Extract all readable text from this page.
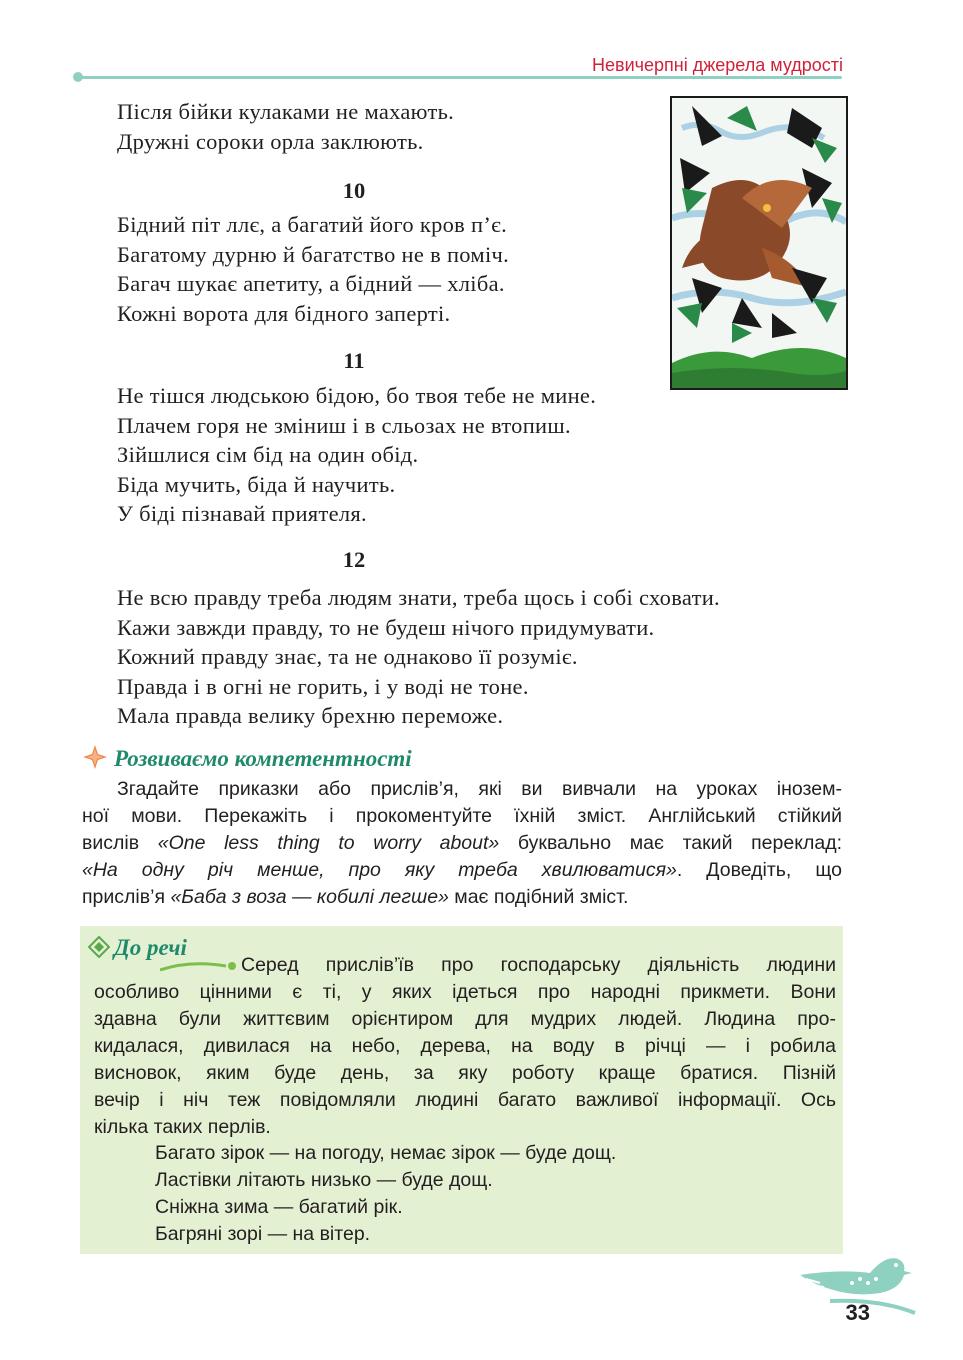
Невичерпні джерела мудрості
Після бійки кулаками не махають.
Дружні сороки орла заклюють.
10
Бідний піт ллє, а багатий його кров п’є.
Багатому дурню й багатство не в поміч.
Багач шукає апетиту, а бідний — хліба.
Кожні ворота для бідного заперті.
11
Не тішся людською бідою, бо твоя тебе не мине.
Плачем горя не зміниш і в сльозах не втопиш.
Зійшлися сім бід на один обід.
Біда мучить, біда й научить.
У біді пізнавай приятеля.
12
Не всю правду треба людям знати, треба щось і собі сховати.
Кажи завжди правду, то не будеш нічого придумувати.
Кожний правду знає, та не однаково її розуміє.
Правда і в огні не горить, і у воді не тоне.
Мала правда велику брехню переможе.
Розвиваємо компетентності
Згадайте приказки або прислів’я, які ви вивчали на уроках інозем-
ної мови. Перекажіть і прокоментуйте їхній зміст. Англійський стійкий
вислів «One less thing to worry about» буквально має такий переклад:
«На одну річ менше, про яку треба хвилюватися». Доведіть, що
прислів’я «Баба з воза — кобилі легше» має подібний зміст.
До речі
Серед прислів’їв про господарську діяльність людини
особливо цінними є ті, у яких ідеться про народні прикмети. Вони
здавна були життєвим орієнтиром для мудрих людей. Людина про-
кидалася, дивилася на небо, дерева, на воду в річці — і робила
висновок, яким буде день, за яку роботу краще братися. Пізній
вечір і ніч теж повідомляли людині багато важливої інформації. Ось
кілька таких перлів.
Багато зірок — на погоду, немає зірок — буде дощ.
Ластівки літають низько — буде дощ.
Сніжна зима — багатий рік.
Багряні зорі — на вітер.
33
